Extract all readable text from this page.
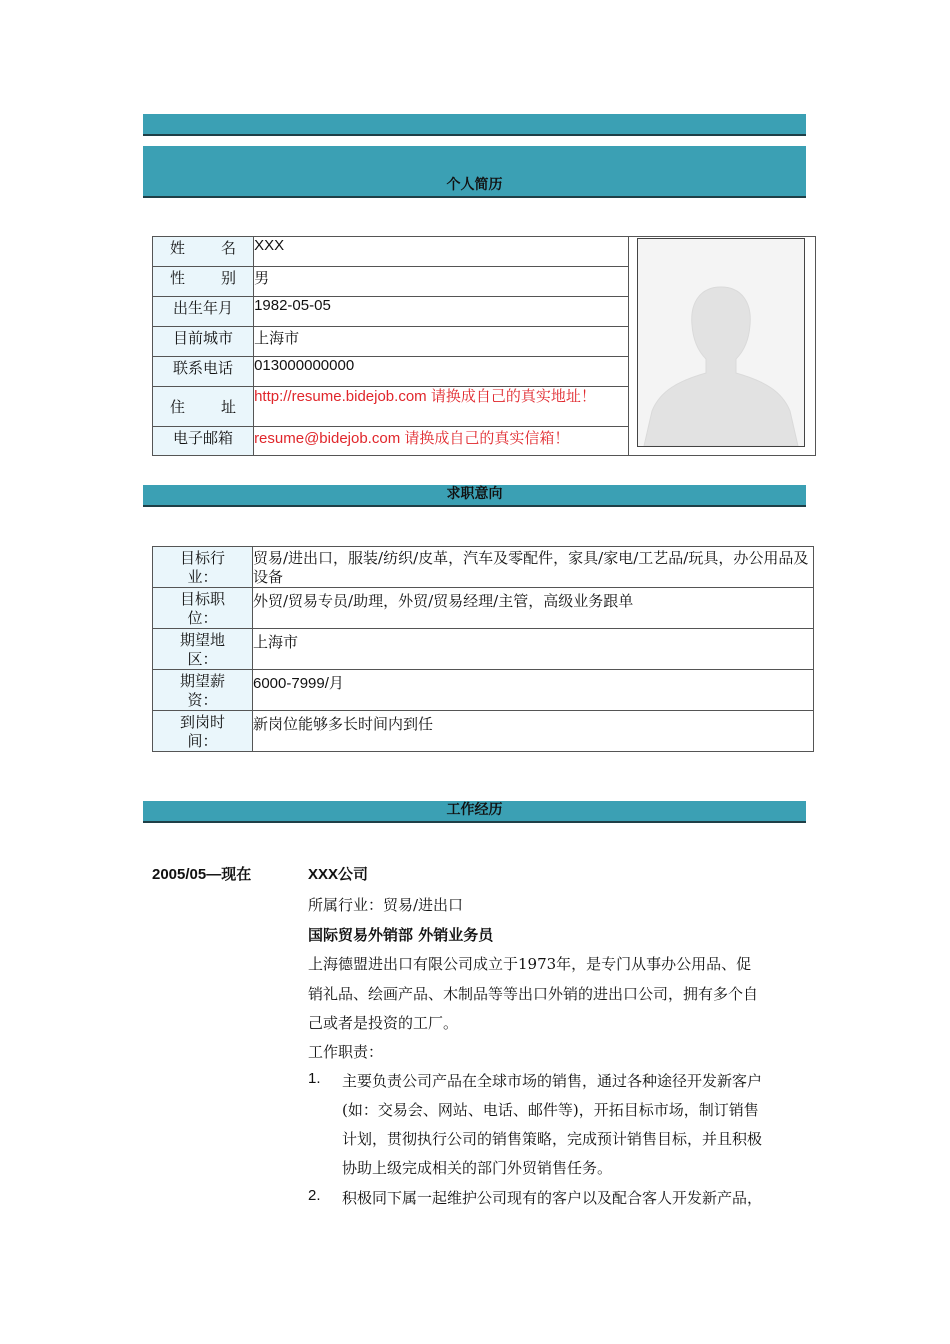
个人简历
姓 名	XXX	

性 别	男	
出生年月	1982-05-05	
目前城市	上海市	
联系电话	013000000000	

住 址	http://resume.bidejob.com 请换成自己的真实地址！	
电子邮箱	resume@bidejob.com 请换成自己的真实信箱！	
求职意向
目标行业：	贸易/进出口，服装/纺织/皮革，汽车及零配件，家具/家电/工艺品/玩具，办公用品及设备
目标职位：	外贸/贸易专员/助理，外贸/贸易经理/主管，高级业务跟单
期望地区：	上海市
期望薪资：	6000-7999/月
到岗时间：	新岗位能够多长时间内到任
工作经历
2005/05—现在	XXX公司
所属行业：贸易/进出口
国际贸易外销部 外销业务员
上海德盟进出口有限公司成立于1973年，是专门从事办公用品、促
销礼品、绘画产品、木制品等等出口外销的进出口公司，拥有多个自
己或者是投资的工厂。
工作职责：
1. 主要负责公司产品在全球市场的销售，通过各种途径开发新客户
(如：交易会、网站、电话、邮件等)，开拓目标市场，制订销售
计划，贯彻执行公司的销售策略，完成预计销售目标，并且积极
协助上级完成相关的部门外贸销售任务。
2. 积极同下属一起维护公司现有的客户以及配合客人开发新产品，
